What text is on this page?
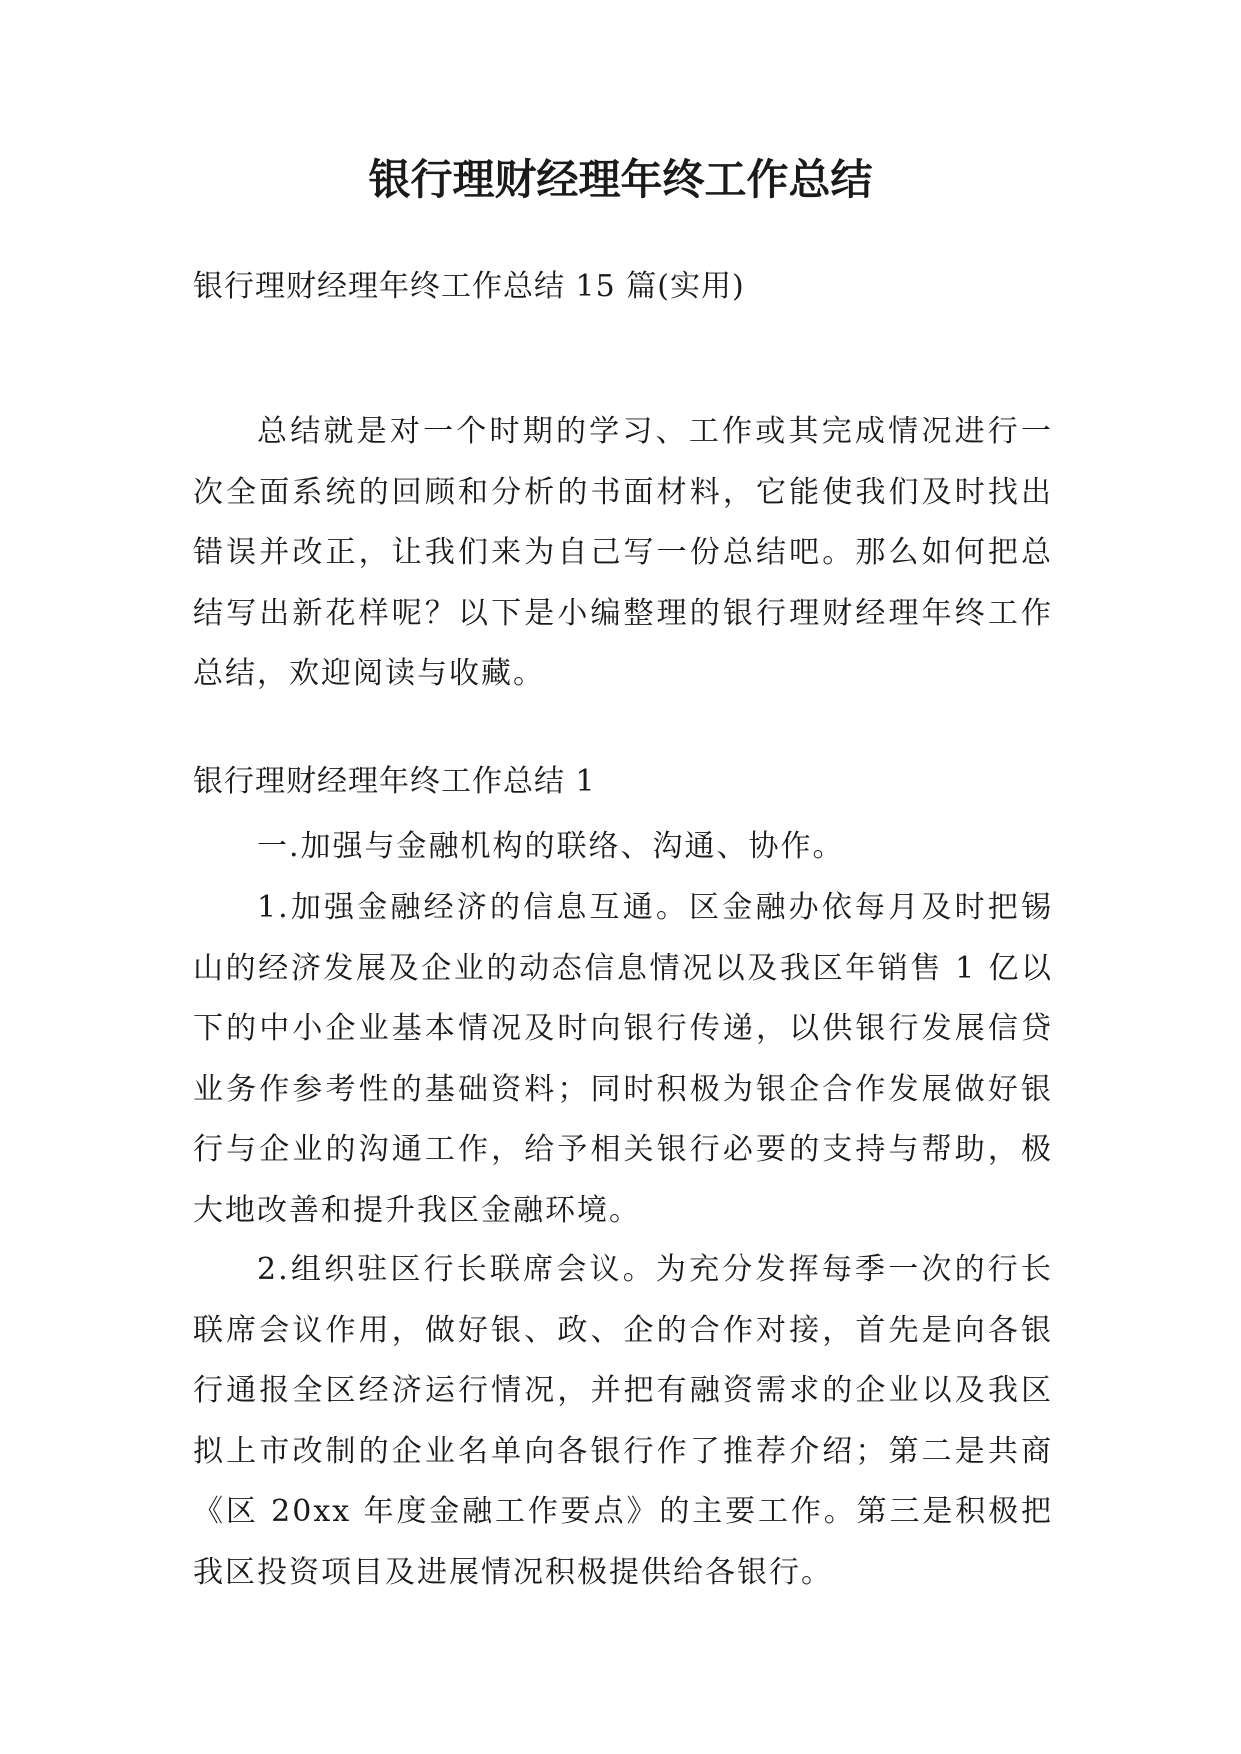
银行理财经理年终工作总结

银行理财经理年终工作总结 15 篇(实用)

总结就是对一个时期的学习、工作或其完成情况进行一次全面系统的回顾和分析的书面材料，它能使我们及时找出错误并改正，让我们来为自己写一份总结吧。那么如何把总结写出新花样呢？以下是小编整理的银行理财经理年终工作总结，欢迎阅读与收藏。

银行理财经理年终工作总结 1

一.加强与金融机构的联络、沟通、协作。

1.加强金融经济的信息互通。区金融办依每月及时把锡山的经济发展及企业的动态信息情况以及我区年销售 1 亿以下的中小企业基本情况及时向银行传递，以供银行发展信贷业务作参考性的基础资料；同时积极为银企合作发展做好银行与企业的沟通工作，给予相关银行必要的支持与帮助，极大地改善和提升我区金融环境。

2.组织驻区行长联席会议。为充分发挥每季一次的行长联席会议作用，做好银、政、企的合作对接，首先是向各银行通报全区经济运行情况，并把有融资需求的企业以及我区拟上市改制的企业名单向各银行作了推荐介绍；第二是共商《区 20xx 年度金融工作要点》的主要工作。第三是积极把我区投资项目及进展情况积极提供给各银行。
